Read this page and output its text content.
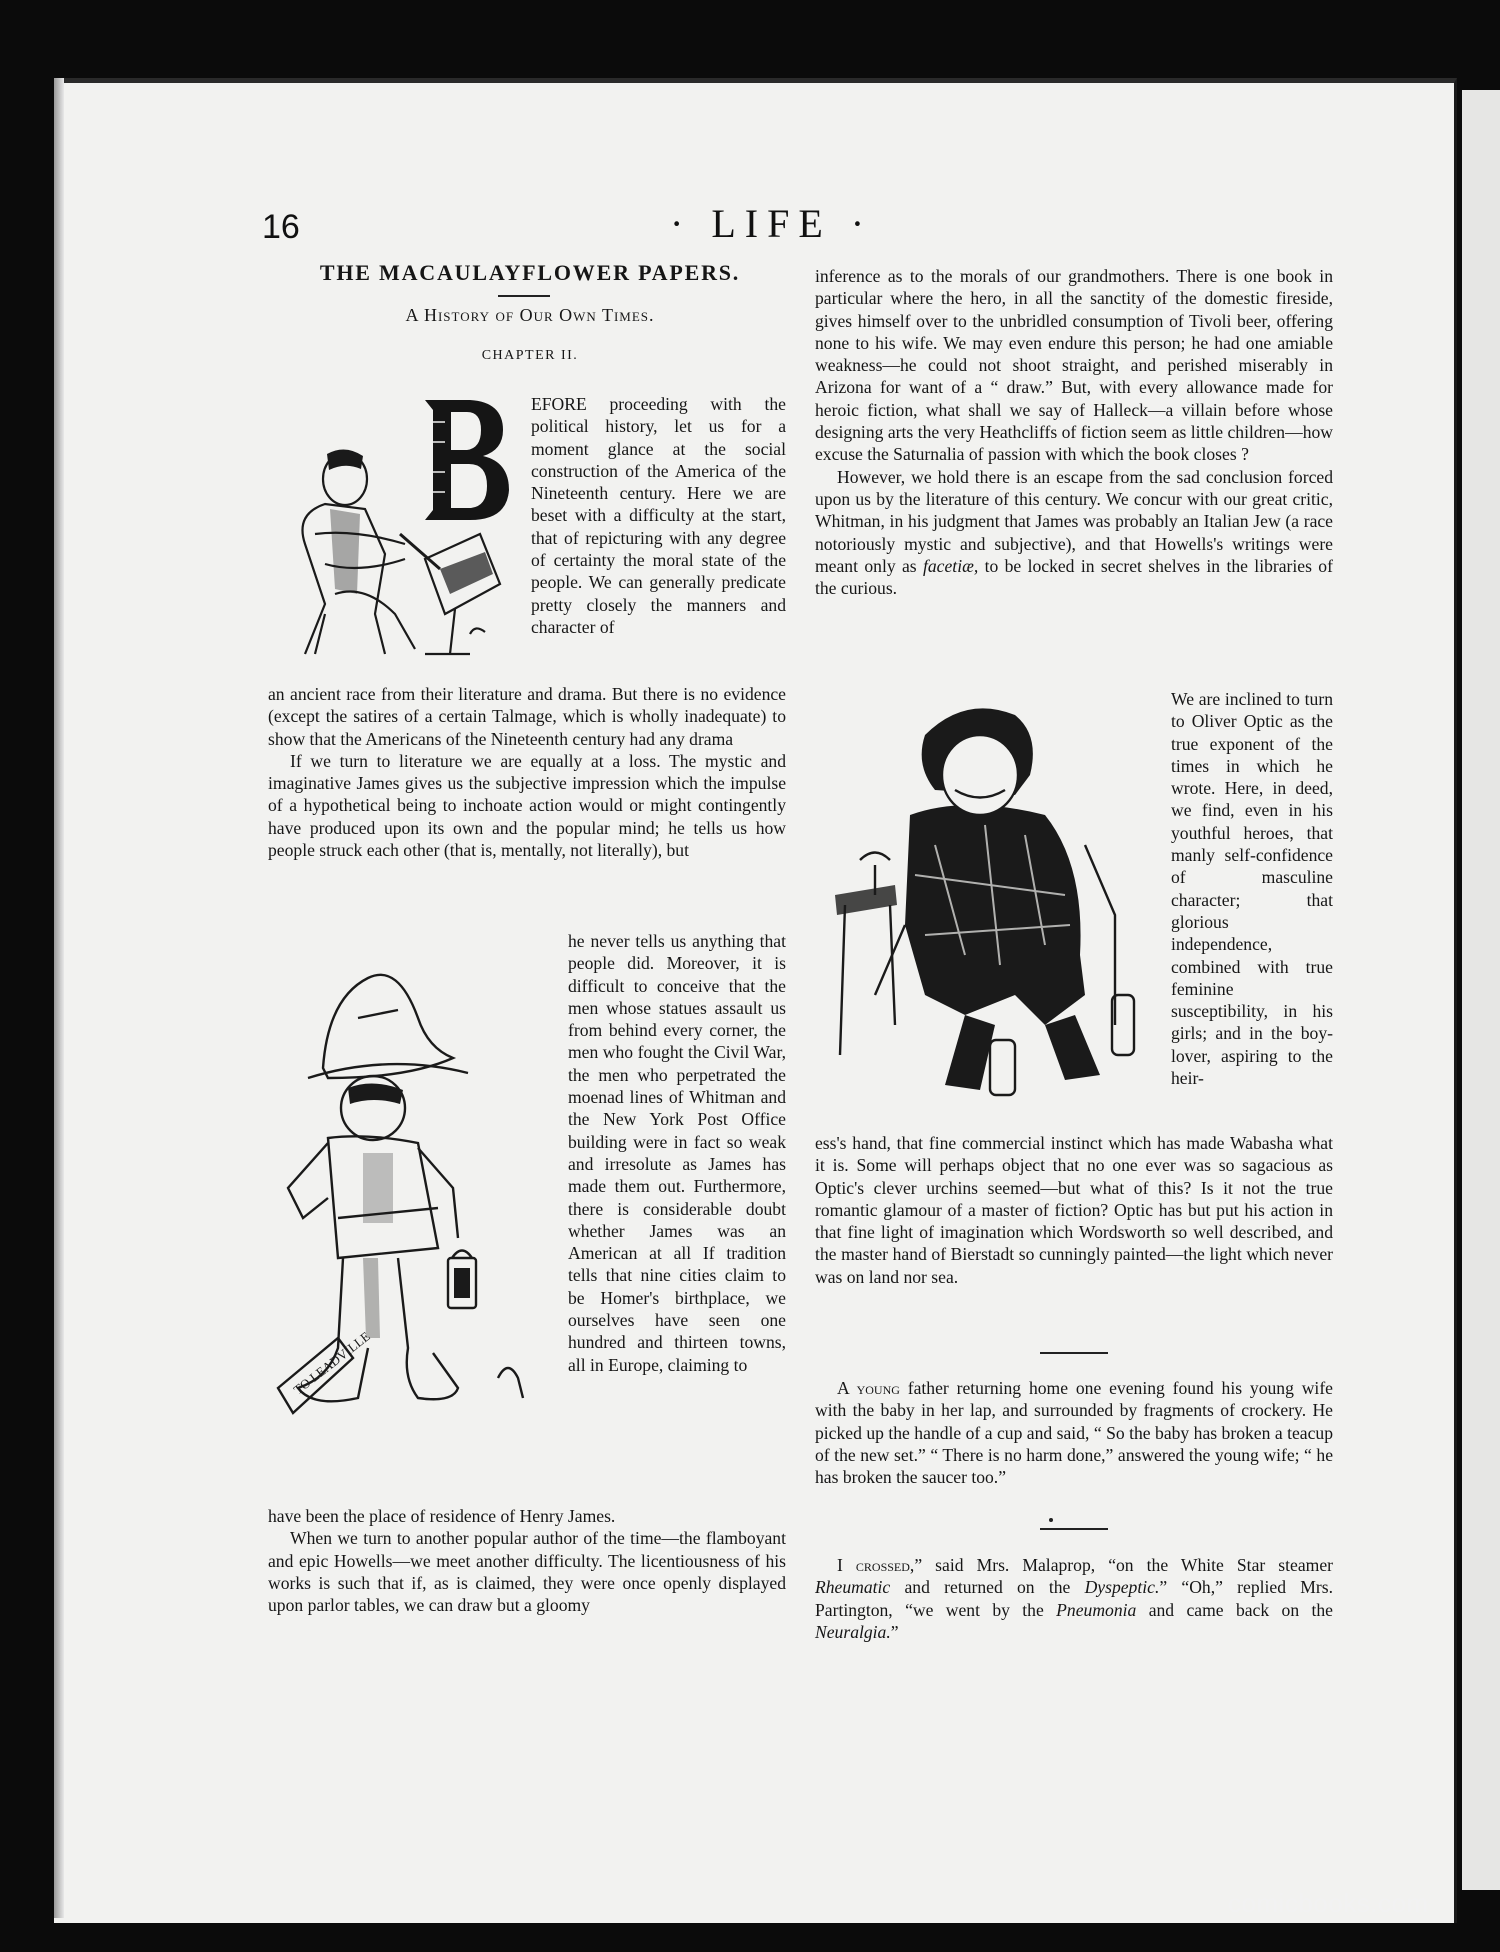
16	· LIFE ·
THE MACAULAYFLOWER PAPERS.
A History of Our Own Times.
CHAPTER II.

EFORE proceeding with the political history, let us for a moment glance at the social construction of the America of the Nineteenth century. Here we are beset with a difficulty at the start, that of repicturing with any degree of certainty the moral state of the people. We can generally predicate pretty closely the manners and character of

an ancient race from their literature and drama. But there is no evidence (except the satires of a certain Talmage, which is wholly inadequate) to show that the Americans of the Nineteenth century had any drama

If we turn to literature we are equally at a loss. The mystic and imaginative James gives us the subjective impression which the impulse of a hypothetical being to inchoate action would or might contingently have produced upon its own and the popular mind; he tells us how people struck each other (that is, mentally, not literally), but

TO LEADVILLE

he never tells us anything that people did. Moreover, it is difficult to conceive that the men whose statues assault us from behind every corner, the men who fought the Civil War, the men who perpetrated the moenad lines of Whitman and the New York Post Office building were in fact so weak and irresolute as James has made them out. Furthermore, there is considerable doubt whether James was an American at all If tradition tells that nine cities claim to be Homer's birthplace, we ourselves have seen one hundred and thirteen towns, all in Europe, claiming to

have been the place of residence of Henry James.

When we turn to another popular author of the time—the flamboyant and epic Howells—we meet another difficulty. The licentiousness of his works is such that if, as is claimed, they were once openly displayed upon parlor tables, we can draw but a gloomy

inference as to the morals of our grandmothers. There is one book in particular where the hero, in all the sanctity of the domestic fireside, gives himself over to the unbridled consumption of Tivoli beer, offering none to his wife. We may even endure this person; he had one amiable weakness—he could not shoot straight, and perished miserably in Arizona for want of a “ draw.” But, with every allowance made for heroic fiction, what shall we say of Halleck—a villain before whose designing arts the very Heathcliffs of fiction seem as little children—how excuse the Saturnalia of passion with which the book closes ?

However, we hold there is an escape from the sad conclusion forced upon us by the literature of this century. We concur with our great critic, Whitman, in his judgment that James was probably an Italian Jew (a race notoriously mystic and subjective), and that Howells's writings were meant only as facetiæ, to be locked in secret shelves in the libraries of the curious.

We are inclined to turn to Oliver Optic as the true exponent of the times in which he wrote. Here, in deed, we find, even in his youthful heroes, that manly self-confidence of masculine character; that glorious independence, combined with true feminine susceptibility, in his girls; and in the boy-lover, aspiring to the heir-

ess's hand, that fine commercial instinct which has made Wabasha what it is. Some will perhaps object that no one ever was so sagacious as Optic's clever urchins seemed—but what of this? Is it not the true romantic glamour of a master of fiction? Optic has but put his action in that fine light of imagination which Wordsworth so well described, and the master hand of Bierstadt so cunningly painted—the light which never was on land nor sea.

A young father returning home one evening found his young wife with the baby in her lap, and surrounded by fragments of crockery. He picked up the handle of a cup and said, “ So the baby has broken a teacup of the new set.” “ There is no harm done,” answered the young wife; “ he has broken the saucer too.”

I crossed,” said Mrs. Malaprop, “on the White Star steamer Rheumatic and returned on the Dyspeptic.” “Oh,” replied Mrs. Partington, “we went by the Pneumonia and came back on the Neuralgia.”

comicbooks.com
